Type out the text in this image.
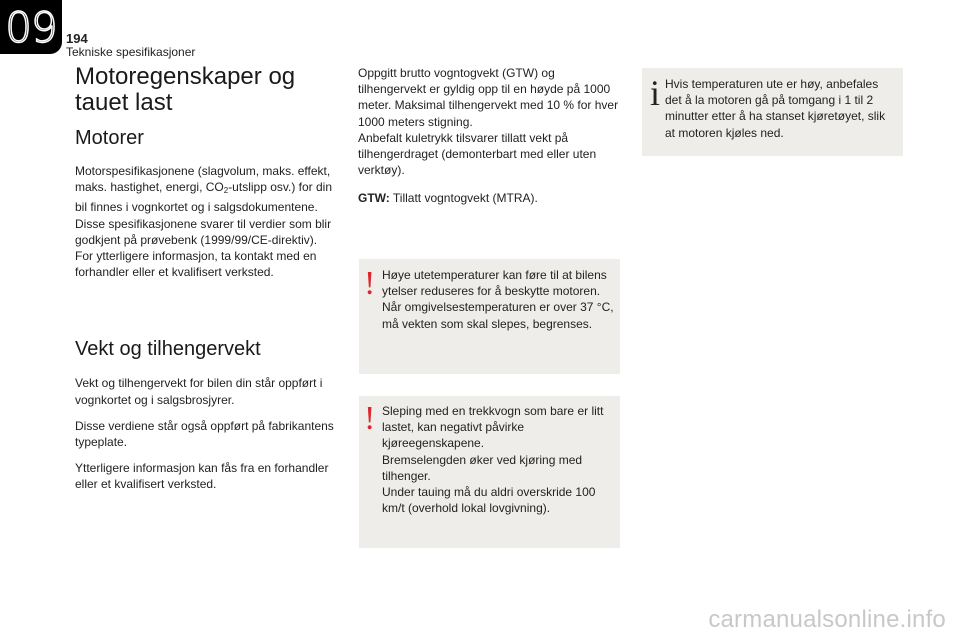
09 194
Tekniske spesifikasjoner
Motoregenskaper og tauet last
Motorer

Motorspesifikasjonene (slagvolum, maks. effekt, maks. hastighet, energi, $CO_2$-utslipp osv.) for din bil finnes i vognkortet og i salgsdokumentene.

Disse spesifikasjonene svarer til verdier som blir godkjent på prøvebenk (1999/99/CE-direktiv).

For ytterligere informasjon, ta kontakt med en forhandler eller et kvalifisert verksted.

Vekt og tilhengervekt

Vekt og tilhengervekt for bilen din står oppført i vognkortet og i salgsbrosjyrer.

Disse verdiene står også oppført på fabrikantens typeplate.

Ytterligere informasjon kan fås fra en forhandler eller et kvalifisert verksted.

Oppgitt brutto vogntogvekt (GTW) og tilhengervekt er gyldig opp til en høyde på 1000 meter. Maksimal tilhengervekt med 10 % for hver 1000 meters stigning.

Anbefalt kuletrykk tilsvarer tillatt vekt på tilhengerdraget (demonterbart med eller uten verktøy).

GTW: Tillatt vogntogvekt (MTRA).

! Høye utetemperaturer kan føre til at bilens ytelser reduseres for å beskytte motoren. Når omgivelsestemperaturen er over 37 °C, må vekten som skal slepes, begrenses.
! Sleping med en trekkvogn som bare er litt lastet, kan negativt påvirke kjøreegenskapene.

Bremselengden øker ved kjøring med tilhenger.

Under tauing må du aldri overskride 100 km/t (overhold lokal lovgivning).

i Hvis temperaturen ute er høy, anbefales det å la motoren gå på tomgang i 1 til 2 minutter etter å ha stanset kjøretøyet, slik at motoren kjøles ned.
carmanualsonline.info
